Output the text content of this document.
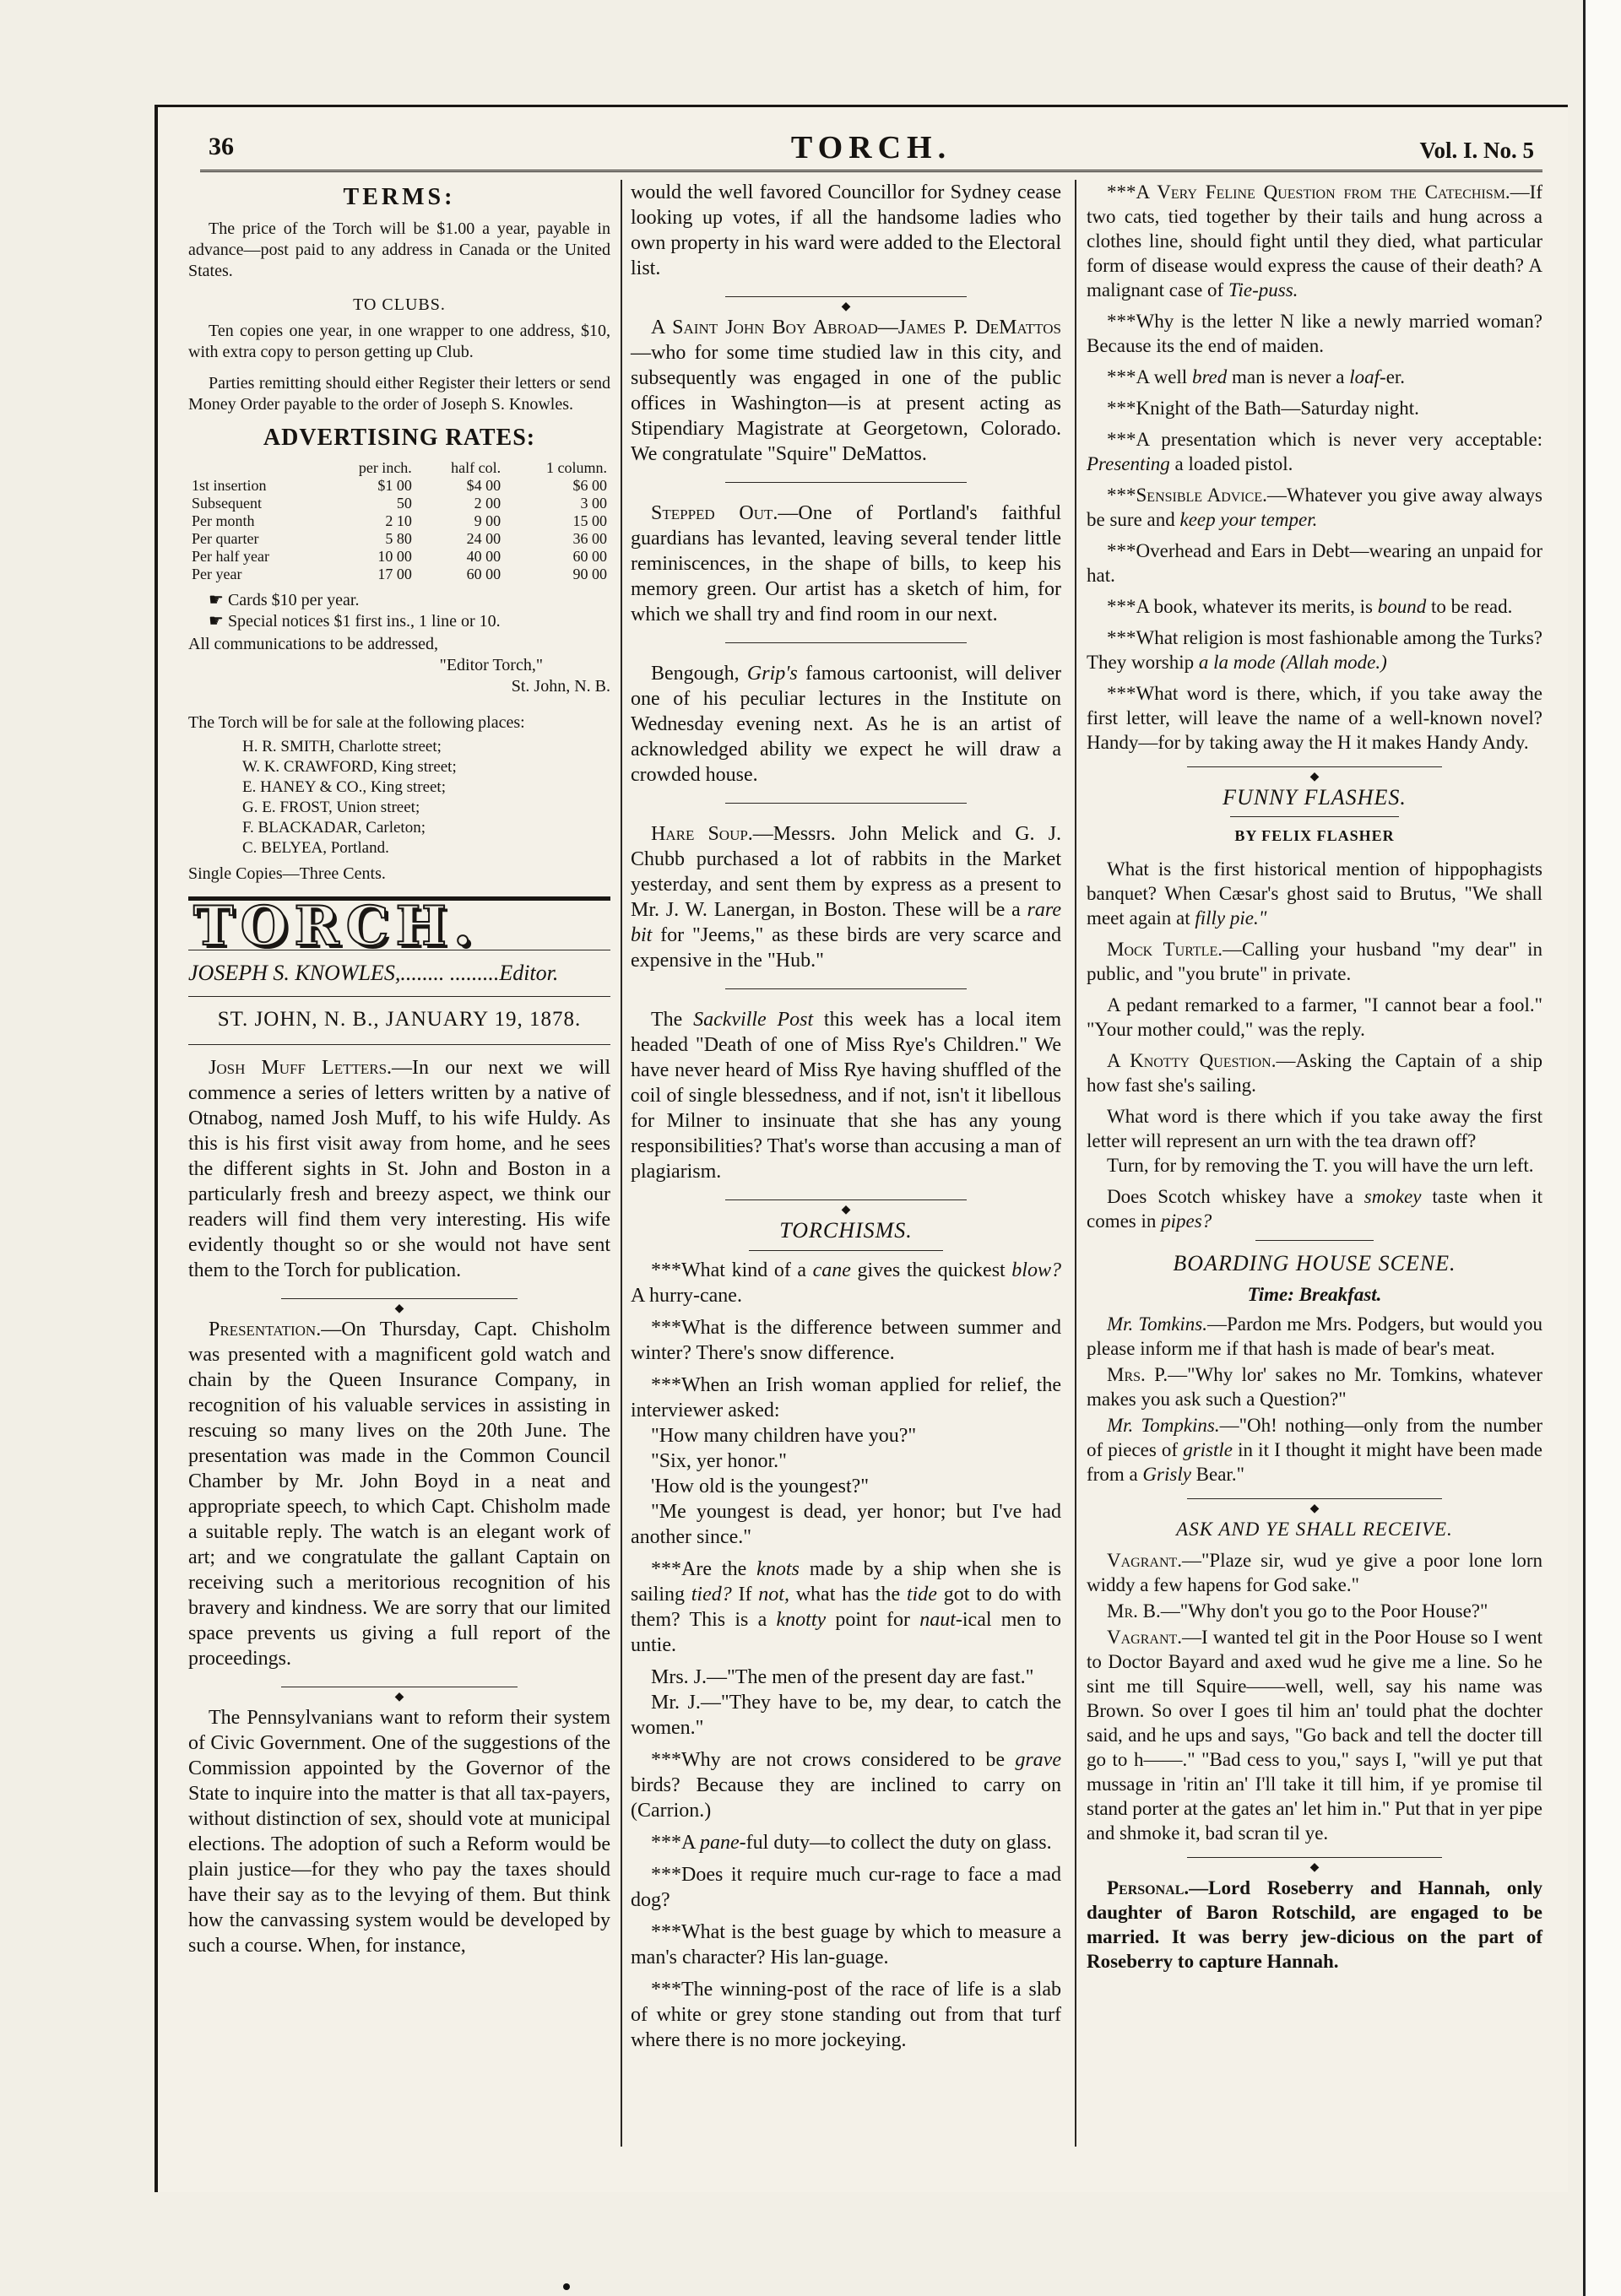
36	TORCH.	Vol. I. No. 5
TERMS:

The price of the Torch will be $1.00 a year, payable in advance—post paid to any address in Canada or the United States.

TO CLUBS.

Ten copies one year, in one wrapper to one address, $10, with extra copy to person getting up Club.

Parties remitting should either Register their letters or send Money Order payable to the order of Joseph S. Knowles.

ADVERTISING RATES:
	per inch.	half col.	1 column.
1st insertion	$1 00	$4 00	$6 00
Subsequent	50	2 00	3 00
Per month	2 10	9 00	15 00
Per quarter	5 80	24 00	36 00
Per half year	10 00	40 00	60 00
Per year	17 00	60 00	90 00

☛ Cards $10 per year.

☛ Special notices $1 first ins., 1 line or 10.

All communications to be addressed,

"Editor Torch,"

St. John, N. B.

The Torch will be for sale at the following places:

H. R. SMITH, Charlotte street;
W. K. CRAWFORD, King street;
E. HANEY & CO., King street;
G. E. FROST, Union street;
F. BLACKADAR, Carleton;
C. BELYEA, Portland.

Single Copies—Three Cents.

TORCH.

JOSEPH S. KNOWLES,........ .........Editor.

ST. JOHN, N. B., JANUARY 19, 1878.

Josh Muff Letters.—In our next we will commence a series of letters written by a native of Otnabog, named Josh Muff, to his wife Huldy. As this is his first visit away from home, and he sees the different sights in St. John and Boston in a particularly fresh and breezy aspect, we think our readers will find them very interesting. His wife evidently thought so or she would not have sent them to the Torch for publication.

◆

Presentation.—On Thursday, Capt. Chisholm was presented with a magnificent gold watch and chain by the Queen Insurance Company, in recognition of his valuable services in assisting in rescuing so many lives on the 20th June. The presentation was made in the Common Council Chamber by Mr. John Boyd in a neat and appropriate speech, to which Capt. Chisholm made a suitable reply. The watch is an elegant work of art; and we congratulate the gallant Captain on receiving such a meritorious recognition of his bravery and kindness. We are sorry that our limited space prevents us giving a full report of the proceedings.

◆

The Pennsylvanians want to reform their system of Civic Government. One of the suggestions of the Commission appointed by the Governor of the State to inquire into the matter is that all tax-payers, without distinction of sex, should vote at municipal elections. The adoption of such a Reform would be plain justice—for they who pay the taxes should have their say as to the levying of them. But think how the canvassing system would be developed by such a course. When, for instance,

would the well favored Councillor for Sydney cease looking up votes, if all the handsome ladies who own property in his ward were added to the Electoral list.

◆

A Saint John Boy Abroad—James P. DeMattos—who for some time studied law in this city, and subsequently was engaged in one of the public offices in Washington—is at present acting as Stipendiary Magistrate at Georgetown, Colorado. We congratulate "Squire" DeMattos.

Stepped Out.—One of Portland's faithful guardians has levanted, leaving several tender little reminiscences, in the shape of bills, to keep his memory green. Our artist has a sketch of him, for which we shall try and find room in our next.

Bengough, Grip's famous cartoonist, will deliver one of his peculiar lectures in the Institute on Wednesday evening next. As he is an artist of acknowledged ability we expect he will draw a crowded house.

Hare Soup.—Messrs. John Melick and G. J. Chubb purchased a lot of rabbits in the Market yesterday, and sent them by express as a present to Mr. J. W. Lanergan, in Boston. These will be a rare bit for "Jeems," as these birds are very scarce and expensive in the "Hub."

The Sackville Post this week has a local item headed "Death of one of Miss Rye's Children." We have never heard of Miss Rye having shuffled of the coil of single blessedness, and if not, isn't it libellous for Milner to insinuate that she has any young responsibilities? That's worse than accusing a man of plagiarism.

◆
TORCHISMS.

***What kind of a cane gives the quickest blow? A hurry-cane.

***What is the difference between summer and winter? There's snow difference.

***When an Irish woman applied for relief, the interviewer asked:

"How many children have you?"

"Six, yer honor."

'How old is the youngest?"

"Me youngest is dead, yer honor; but I've had another since."

***Are the knots made by a ship when she is sailing tied? If not, what has the tide got to do with them? This is a knotty point for naut-ical men to untie.

Mrs. J.—"The men of the present day are fast."

Mr. J.—"They have to be, my dear, to catch the women."

***Why are not crows considered to be grave birds? Because they are inclined to carry on (Carrion.)

***A pane-ful duty—to collect the duty on glass.

***Does it require much cur-rage to face a mad dog?

***What is the best guage by which to measure a man's character? His lan-guage.

***The winning-post of the race of life is a slab of white or grey stone standing out from that turf where there is no more jockeying.

***A Very Feline Question from the Catechism.—If two cats, tied together by their tails and hung across a clothes line, should fight until they died, what particular form of disease would express the cause of their death? A malignant case of Tie-puss.

***Why is the letter N like a newly married woman? Because its the end of maiden.

***A well bred man is never a loaf-er.

***Knight of the Bath—Saturday night.

***A presentation which is never very acceptable: Presenting a loaded pistol.

***Sensible Advice.—Whatever you give away always be sure and keep your temper.

***Overhead and Ears in Debt—wearing an unpaid for hat.

***A book, whatever its merits, is bound to be read.

***What religion is most fashionable among the Turks? They worship a la mode (Allah mode.)

***What word is there, which, if you take away the first letter, will leave the name of a well-known novel? Handy—for by taking away the H it makes Handy Andy.

◆
FUNNY FLASHES.
BY FELIX FLASHER

What is the first historical mention of hippophagists banquet? When Cæsar's ghost said to Brutus, "We shall meet again at filly pie."

Mock Turtle.—Calling your husband "my dear" in public, and "you brute" in private.

A pedant remarked to a farmer, "I cannot bear a fool." "Your mother could," was the reply.

A Knotty Question.—Asking the Captain of a ship how fast she's sailing.

What word is there which if you take away the first letter will represent an urn with the tea drawn off?

Turn, for by removing the T. you will have the urn left.

Does Scotch whiskey have a smokey taste when it comes in pipes?

BOARDING HOUSE SCENE.
Time: Breakfast.

Mr. Tomkins.—Pardon me Mrs. Podgers, but would you please inform me if that hash is made of bear's meat.

Mrs. P.—"Why lor' sakes no Mr. Tomkins, whatever makes you ask such a Question?"

Mr. Tompkins.—"Oh! nothing—only from the number of pieces of gristle in it I thought it might have been made from a Grisly Bear."

◆
ASK AND YE SHALL RECEIVE.

Vagrant.—"Plaze sir, wud ye give a poor lone lorn widdy a few hapens for God sake."

Mr. B.—"Why don't you go to the Poor House?"

Vagrant.—I wanted tel git in the Poor House so I went to Doctor Bayard and axed wud he give me a line. So he sint me till Squire——well, well, say his name was Brown. So over I goes til him an' tould phat the dochter said, and he ups and says, "Go back and tell the docter till go to h——." "Bad cess to you," says I, "will ye put that mussage in 'ritin an' I'll take it till him, if ye promise til stand porter at the gates an' let him in." Put that in yer pipe and shmoke it, bad scran til ye.

◆

Personal.—Lord Roseberry and Hannah, only daughter of Baron Rotschild, are engaged to be married. It was berry jew-dicious on the part of Roseberry to capture Hannah.
